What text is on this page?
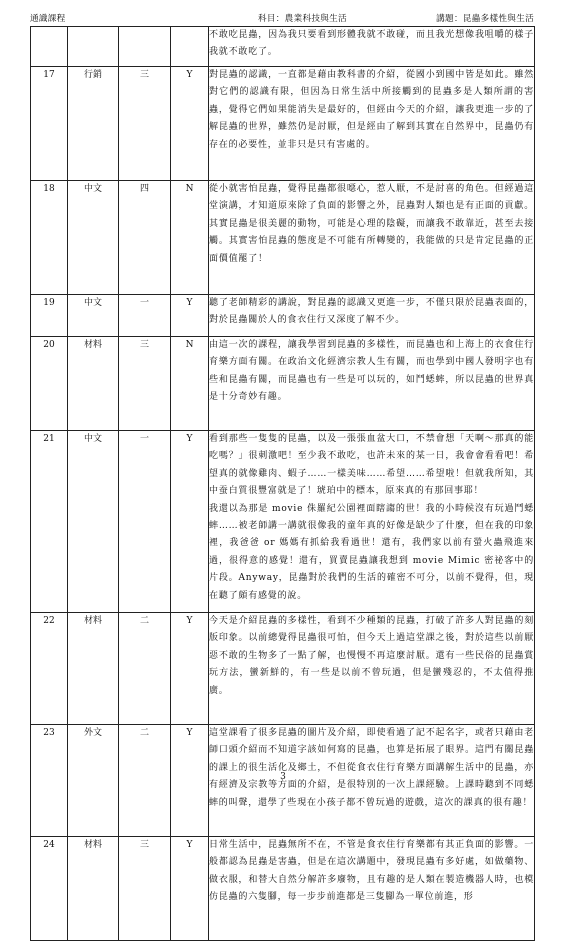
通識課程	科目：農業科技與生活	講題：昆蟲多樣性與生活

				不敢吃昆蟲，因為我只要看到形體我就不敢碰，而且我光想像我咀嚼的樣子我就不敢吃了。

17	行銷	三	Y	對昆蟲的認識，一直都是藉由教科書的介紹，從國小到國中皆是如此。雖然對它們的認識有限，但因為日常生活中所接觸到的昆蟲多是人類所謂的害蟲，覺得它們如果能消失是最好的，但經由今天的介紹，讓我更進一步的了解昆蟲的世界，雖然仍是討厭，但是經由了解到其實在自然界中，昆蟲仍有存在的必要性，並非只是只有害處的。

18	中文	四	N	從小就害怕昆蟲，覺得昆蟲都很噁心，惹人厭，不是討喜的角色。但經過這堂演講，才知道原來除了負面的影響之外，昆蟲對人類也是有正面的貢獻。其實昆蟲是很美麗的動物，可能是心理的陰礙，而讓我不敢靠近，甚至去接觸。其實害怕昆蟲的態度是不可能有所轉變的，我能做的只是肯定昆蟲的正面價值罷了！

19	中文	一	Y	聽了老師精彩的講說，對昆蟲的認識又更進一步，不僅只限於昆蟲表面的，對於昆蟲關於人的食衣住行又深度了解不少。

20	材料	三	N	由這一次的課程，讓我學習到昆蟲的多樣性，而昆蟲也和上海上的衣食住行育樂方面有關。在政治文化經濟宗教人生有關，而也學到中國人發明字也有些和昆蟲有關，而昆蟲也有一些是可以玩的，如鬥蟋蟀，所以昆蟲的世界真是十分奇妙有趣。

21	中文	一	Y	看到那些一隻隻的昆蟲，以及一張張血盆大口，不禁會想「天啊～那真的能吃嗎？」很刺激吧！至少我不敢吃，也許未來的某一日，我會會看看吧！希望真的就像雞肉、蝦子……一樣美味……希望……希望啦！但就我所知，其中蚕白質很豐富就是了！琥珀中的標本，原來真的有那回事耶！

我還以為那是 movie 侏羅紀公園裡面瞎謅的世！我的小時候沒有玩過鬥蟋蟀……被老師講一講就很像我的童年真的好像是缺少了什麼，但在我的印象裡，我爸爸 or 媽媽有抓給我看過世！還有，我們家以前有螢火蟲飛進來過，很得意的感覺！還有，買賣昆蟲讓我想到 movie Mimic 密祕客中的片段。Anyway，昆蟲對於我們的生活的確密不可分，以前不覺得，但，現在聽了頗有感覺的說。

22	材料	二	Y	今天是介紹昆蟲的多樣性，看到不少種類的昆蟲，打破了許多人對昆蟲的刻版印象。以前總覺得昆蟲很可怕，但今天上過這堂課之後，對於這些以前厭惡不敢的生物多了一點了解，也慢慢不再這麼討厭。還有一些民俗的昆蟲賞玩方法，蠻新鮮的，有一些是以前不曾玩過，但是蠻殘忍的，不太值得推廣。

23	外文	二	Y	這堂課看了很多昆蟲的圖片及介紹，即使看過了記不起名字，或者只藉由老師口頭介紹而不知道字該如何寫的昆蟲，也算是拓展了眼界。這門有關昆蟲的課上的很生活化及鄉土，不但從食衣住行育樂方面講解生活中的昆蟲，亦有經濟及宗教等方面的介紹，是很特別的一次上課經驗。上課時聽到不同蟋蟀的叫聲，還學了些現在小孩子都不曾玩過的遊戲，這次的課真的很有趣！

24	材料	三	Y	日常生活中，昆蟲無所不在，不管是食衣住行育樂都有其正負面的影響。一般都認為昆蟲是害蟲，但是在這次講題中，發現昆蟲有多好處，如做藥物、做衣服，和替大自然分解許多廢物，且有趣的是人類在製造機器人時，也模仿昆蟲的六隻腳，每一步步前進都是三隻腳為一單位前進，形

3
